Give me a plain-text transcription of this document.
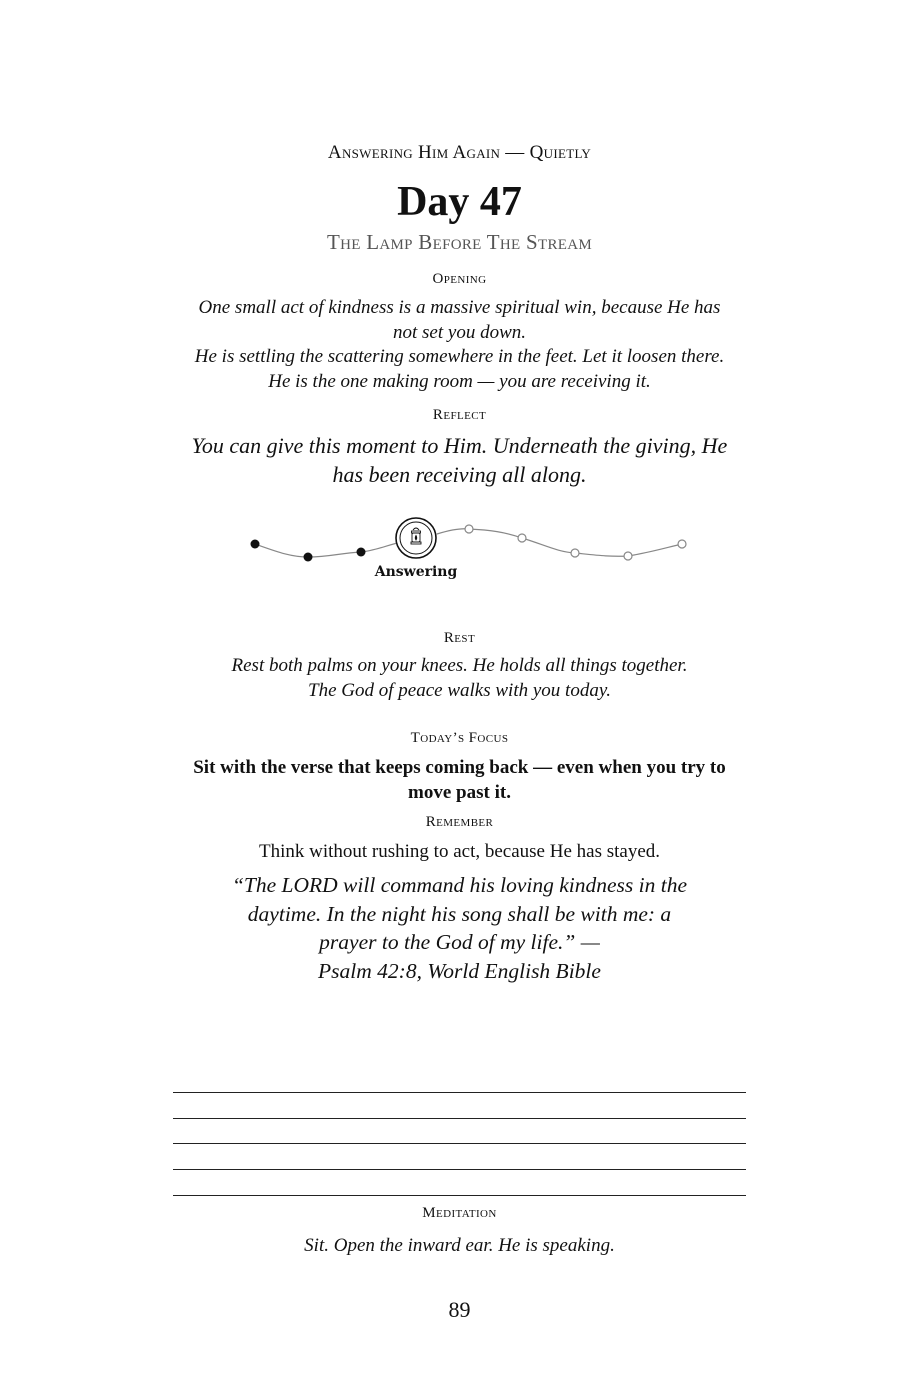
Answering Him Again — Quietly
Day 47
The Lamp Before The Stream
Opening
One small act of kindness is a massive spiritual win, because He has
not set you down.
He is settling the scattering somewhere in the feet. Let it loosen there.
He is the one making room — you are receiving it.
Reflect
You can give this moment to Him. Underneath the giving, He
has been receiving all along.
Answering
Rest
Rest both palms on your knees. He holds all things together.
The God of peace walks with you today.
Today’s Focus
Sit with the verse that keeps coming back — even when you try to
move past it.
Remember
Think without rushing to act, because He has stayed.
“The LORD will command his loving kindness in the
daytime. In the night his song shall be with me: a
prayer to the God of my life.” —
Psalm 42:8, World English Bible
Meditation
Sit. Open the inward ear. He is speaking.
89
